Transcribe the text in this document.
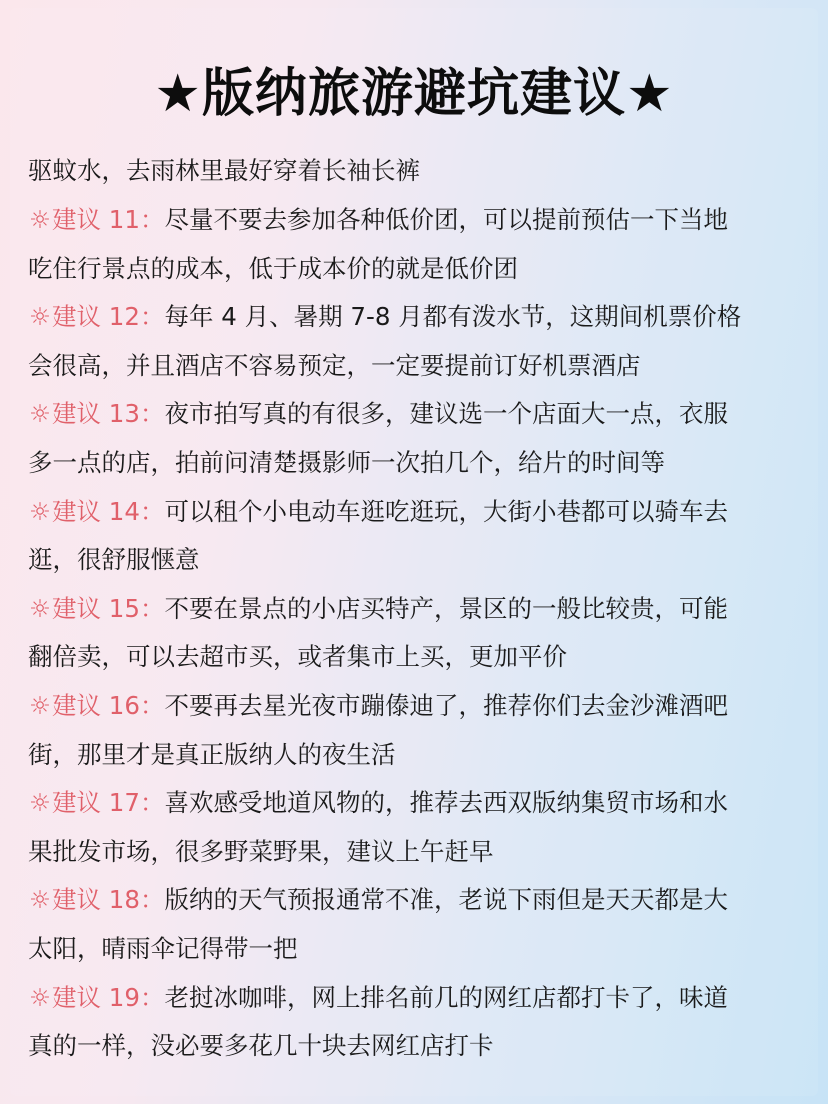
★版纳旅游避坑建议★
驱蚊水，去雨林里最好穿着长袖长裤
☼建议 11：尽量不要去参加各种低价团，可以提前预估一下当地
吃住行景点的成本，低于成本价的就是低价团
☼建议 12：每年 4 月、暑期 7-8 月都有泼水节，这期间机票价格
会很高，并且酒店不容易预定，一定要提前订好机票酒店
☼建议 13：夜市拍写真的有很多，建议选一个店面大一点，衣服
多一点的店，拍前问清楚摄影师一次拍几个，给片的时间等
☼建议 14：可以租个小电动车逛吃逛玩，大街小巷都可以骑车去
逛，很舒服惬意
☼建议 15：不要在景点的小店买特产，景区的一般比较贵，可能
翻倍卖，可以去超市买，或者集市上买，更加平价
☼建议 16：不要再去星光夜市蹦傣迪了，推荐你们去金沙滩酒吧
街，那里才是真正版纳人的夜生活
☼建议 17：喜欢感受地道风物的，推荐去西双版纳集贸市场和水
果批发市场，很多野菜野果，建议上午赶早
☼建议 18：版纳的天气预报通常不准，老说下雨但是天天都是大
太阳，晴雨伞记得带一把
☼建议 19：老挝冰咖啡，网上排名前几的网红店都打卡了，味道
真的一样，没必要多花几十块去网红店打卡
